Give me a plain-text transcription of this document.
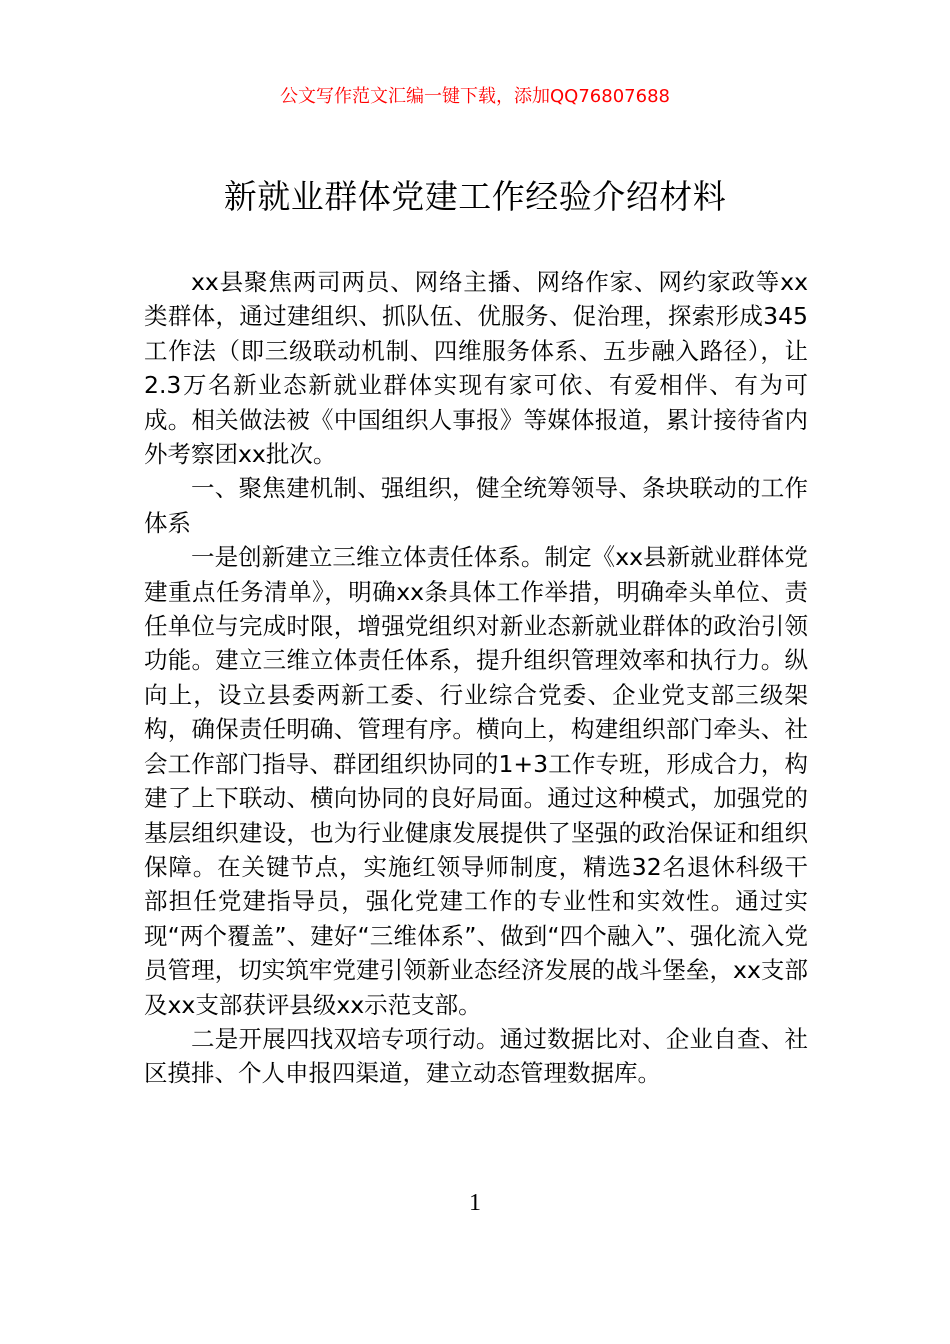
公文写作范文汇编一键下载，添加QQ76807688
新就业群体党建工作经验介绍材料

xx县聚焦两司两员、网络主播、网络作家、网约家政等xx类群体，通过建组织、抓队伍、优服务、促治理，探索形成345工作法（即三级联动机制、四维服务体系、五步融入路径），让2.3万名新业态新就业群体实现有家可依、有爱相伴、有为可成。相关做法被《中国组织人事报》等媒体报道，累计接待省内外考察团xx批次。

一、聚焦建机制、强组织，健全统筹领导、条块联动的工作体系

一是创新建立三维立体责任体系。制定《xx县新就业群体党建重点任务清单》，明确xx条具体工作举措，明确牵头单位、责任单位与完成时限，增强党组织对新业态新就业群体的政治引领功能。建立三维立体责任体系，提升组织管理效率和执行力。纵向上，设立县委两新工委、行业综合党委、企业党支部三级架构，确保责任明确、管理有序。横向上，构建组织部门牵头、社会工作部门指导、群团组织协同的1+3工作专班，形成合力，构建了上下联动、横向协同的良好局面。通过这种模式，加强党的基层组织建设，也为行业健康发展提供了坚强的政治保证和组织保障。在关键节点，实施红领导师制度，精选32名退休科级干部担任党建指导员，强化党建工作的专业性和实效性。通过实现“两个覆盖”、建好“三维体系”、做到“四个融入”、强化流入党员管理，切实筑牢党建引领新业态经济发展的战斗堡垒，xx支部及xx支部获评县级xx示范支部。

二是开展四找双培专项行动。通过数据比对、企业自查、社区摸排、个人申报四渠道，建立动态管理数据库。

1
